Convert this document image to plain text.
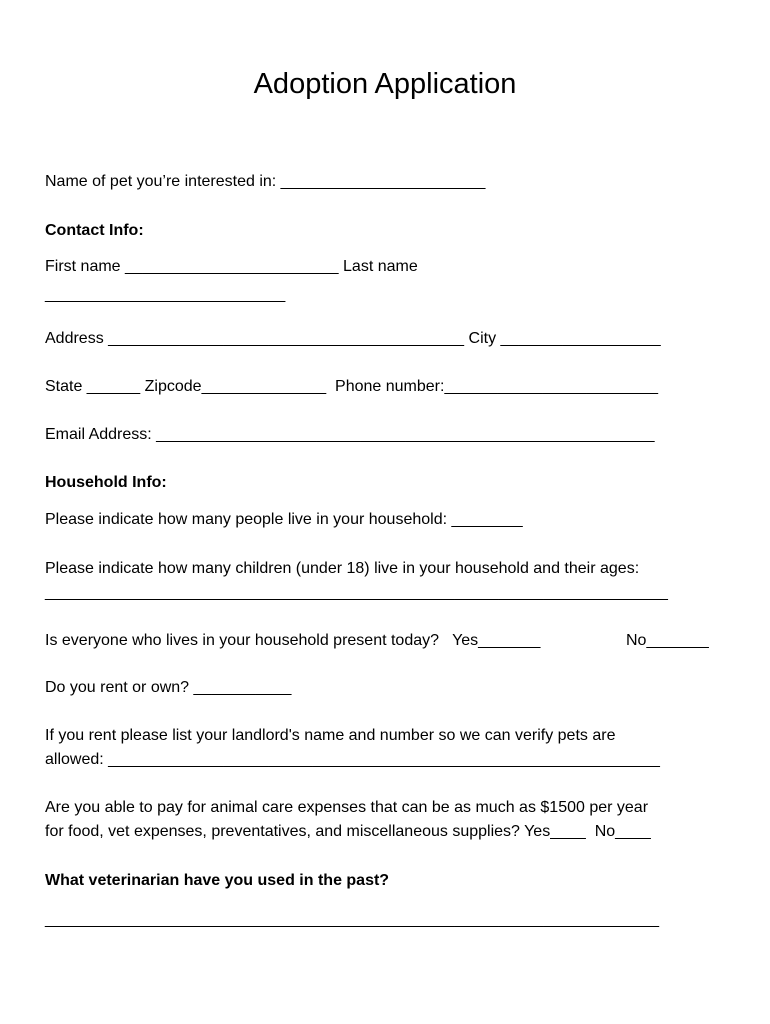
Adoption Application
Name of pet you’re interested in: _______________________
Contact Info:
First name ________________________ Last name
___________________________
Address ________________________________________ City __________________
State ______ Zipcode______________  Phone number:________________________
Email Address: ________________________________________________________
Household Info:
Please indicate how many people live in your household: ________
Please indicate how many children (under 18) live in your household and their ages:
______________________________________________________________________
Is everyone who lives in your household present today?   Yes_______	No_______
Do you rent or own? ___________
If you rent please list your landlord's name and number so we can verify pets are
allowed: ______________________________________________________________
Are you able to pay for animal care expenses that can be as much as $1500 per year
for food, vet expenses, preventatives, and miscellaneous supplies? Yes____  No____
What veterinarian have you used in the past?
_____________________________________________________________________
